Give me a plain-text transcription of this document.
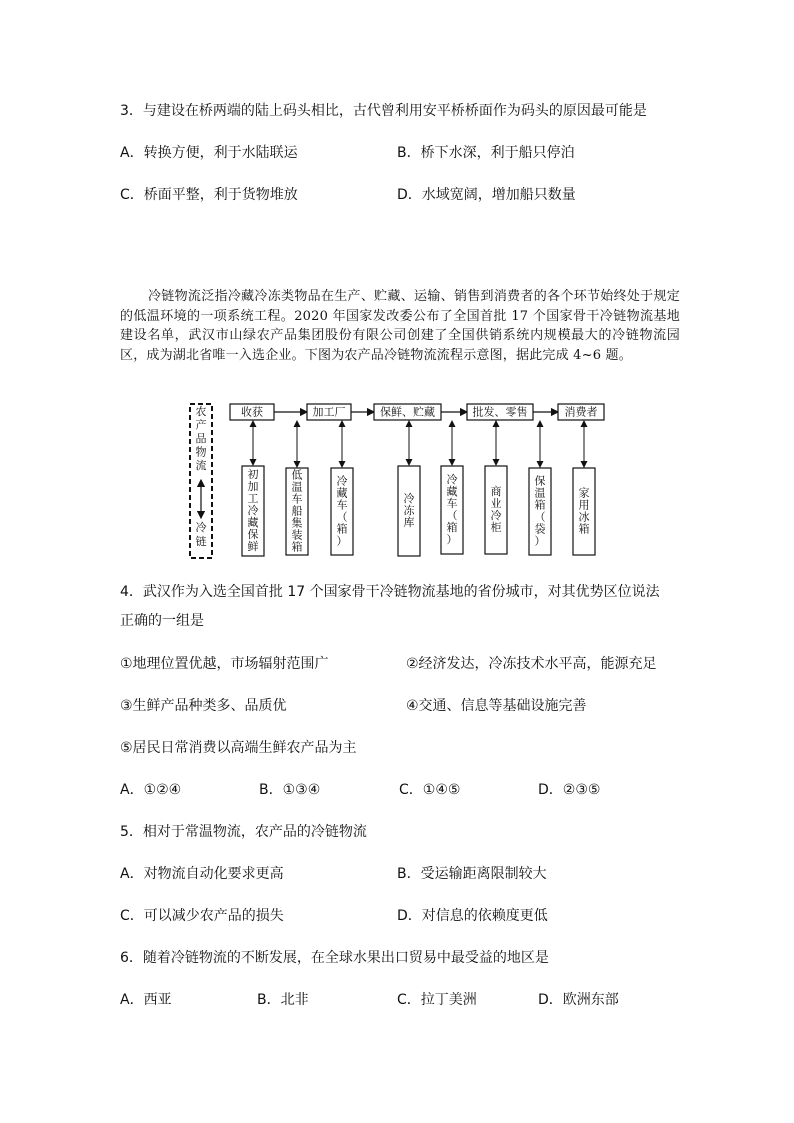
3．与建设在桥两端的陆上码头相比，古代曾利用安平桥桥面作为码头的原因最可能是
A．转换方便，利于水陆联运	B．桥下水深，利于船只停泊
C．桥面平整，利于货物堆放	D．水域宽阔，增加船只数量
冷链物流泛指冷藏冷冻类物品在生产、贮藏、运输、销售到消费者的各个环节始终处于规定的低温环境的一项系统工程。2020 年国家发改委公布了全国首批 17 个国家骨干冷链物流基地建设名单，武汉市山绿农产品集团股份有限公司创建了全国供销系统内规模最大的冷链物流园区，成为湖北省唯一入选企业。下图为农产品冷链物流流程示意图，据此完成 4~6 题。
农
产
品
物
流
冷
链
收获	加工厂	保鲜、贮藏	批发、零售	消费者
初
加
工
冷
藏
保
鲜
低
温
车
船
集
装
箱
冷
藏
车
（
箱
）
冷
冻
库
冷
藏
车
（
箱
）
商
业
冷
柜
保
温
箱
（
袋
）
家
用
冰
箱
4．武汉作为入选全国首批 17 个国家骨干冷链物流基地的省份城市，对其优势区位说法
正确的一组是
①地理位置优越，市场辐射范围广	②经济发达，冷冻技术水平高，能源充足
③生鲜产品种类多、品质优	④交通、信息等基础设施完善
⑤居民日常消费以高端生鲜农产品为主
A．①②④	B．①③④	C．①④⑤	D．②③⑤
5．相对于常温物流，农产品的冷链物流
A．对物流自动化要求更高	B．受运输距离限制较大
C．可以减少农产品的损失	D．对信息的依赖度更低
6．随着冷链物流的不断发展，在全球水果出口贸易中最受益的地区是
A．西亚	B．北非	C．拉丁美洲	D．欧洲东部
